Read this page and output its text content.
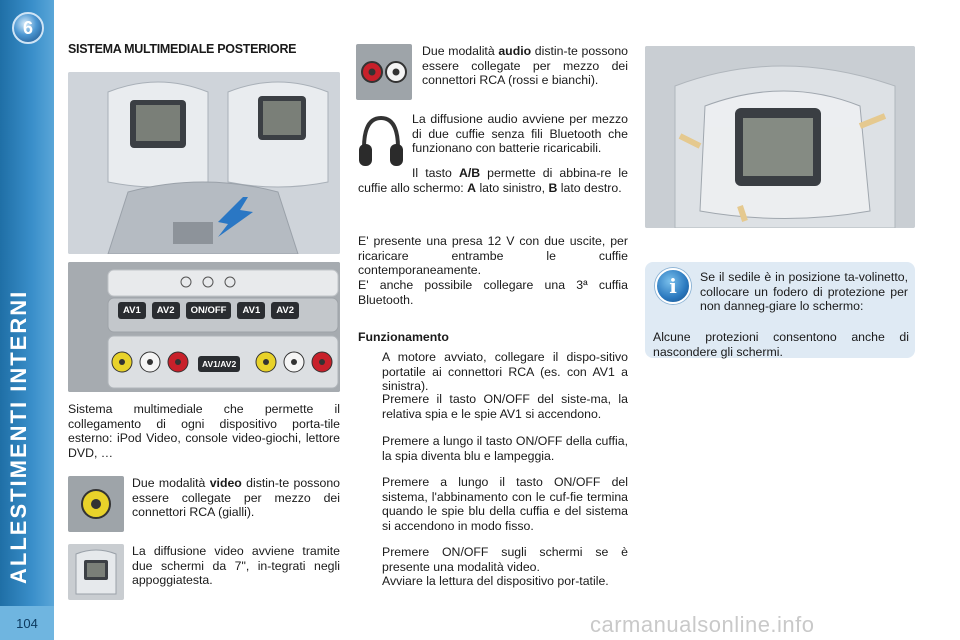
6
ALLESTIMENTI INTERNI
104
SISTEMA MULTIMEDIALE POSTERIORE
AV1	AV2	ON/OFF	AV1	AV2
AV1/AV2
Sistema multimediale che permette il collegamento di ogni dispositivo porta-tile esterno: iPod Video, console video-giochi, lettore DVD, …
Due modalità video distin-te possono essere collegate per mezzo dei connettori RCA (gialli).
La diffusione video avviene tramite due schermi da 7", in-tegrati negli appoggiatesta.
Due modalità audio distin-te possono essere collegate per mezzo dei connettori RCA (rossi e bianchi).
La diffusione audio avviene per mezzo di due cuffie senza fili Bluetooth che funzionano con batterie ricaricabili.
Il tasto A/B permette di abbina-re le cuffie allo schermo: A lato sinistro, B lato destro.
E' presente una presa 12 V con due uscite, per ricaricare entrambe le cuffie contemporaneamente.
E' anche possibile collegare una 3ª cuffia Bluetooth.
Funzionamento
A motore avviato, collegare il dispo-sitivo portatile ai connettori RCA (es. con AV1 a sinistra).
Premere il tasto ON/OFF del siste-ma, la relativa spia e le spie AV1 si accendono.
Premere a lungo il tasto ON/OFF della cuffia, la spia diventa blu e lampeggia.
Premere a lungo il tasto ON/OFF del sistema, l'abbinamento con le cuf-fie termina quando le spie blu della cuffia e del sistema si accendono in modo fisso.
Premere ON/OFF sugli schermi se è presente una modalità video.
Avviare la lettura del dispositivo por-tatile.
i	Se il sedile è in posizione ta-volinetto, collocare un fodero di protezione per non danneg-giare lo schermo:
Alcune protezioni consentono anche di nascondere gli schermi.
carmanualsonline.info
